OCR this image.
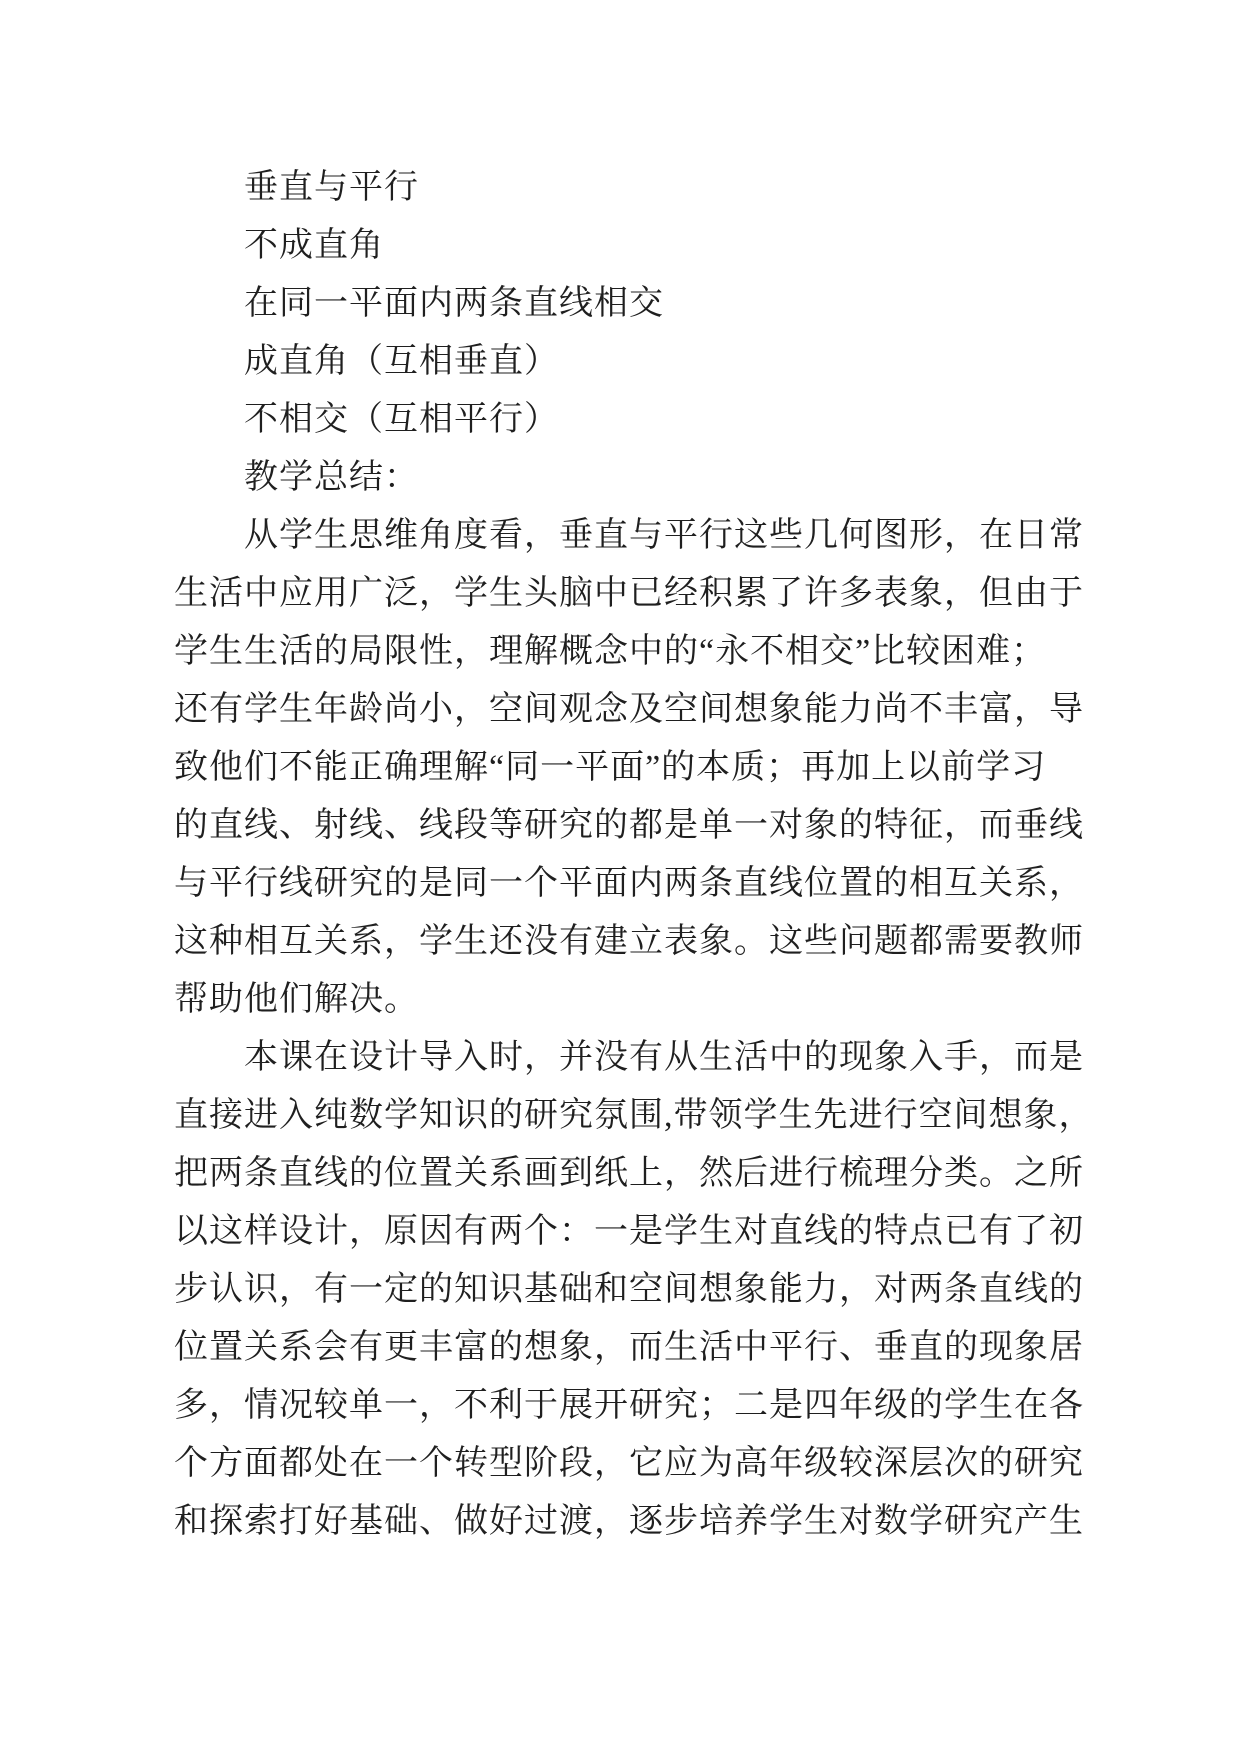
垂直与平行
不成直角
在同一平面内两条直线相交
成直角（互相垂直）
不相交（互相平行）
教学总结：
从学生思维角度看，垂直与平行这些几何图形，在日常
生活中应用广泛，学生头脑中已经积累了许多表象，但由于
学生生活的局限性，理解概念中的“永不相交”比较困难；
还有学生年龄尚小，空间观念及空间想象能力尚不丰富，导
致他们不能正确理解“同一平面”的本质；再加上以前学习
的直线、射线、线段等研究的都是单一对象的特征，而垂线
与平行线研究的是同一个平面内两条直线位置的相互关系，
这种相互关系，学生还没有建立表象。这些问题都需要教师
帮助他们解决。
本课在设计导入时，并没有从生活中的现象入手，而是
直接进入纯数学知识的研究氛围,带领学生先进行空间想象，
把两条直线的位置关系画到纸上，然后进行梳理分类。之所
以这样设计，原因有两个：一是学生对直线的特点已有了初
步认识，有一定的知识基础和空间想象能力，对两条直线的
位置关系会有更丰富的想象，而生活中平行、垂直的现象居
多，情况较单一，不利于展开研究；二是四年级的学生在各
个方面都处在一个转型阶段，它应为高年级较深层次的研究
和探索打好基础、做好过渡，逐步培养学生对数学研究产生
